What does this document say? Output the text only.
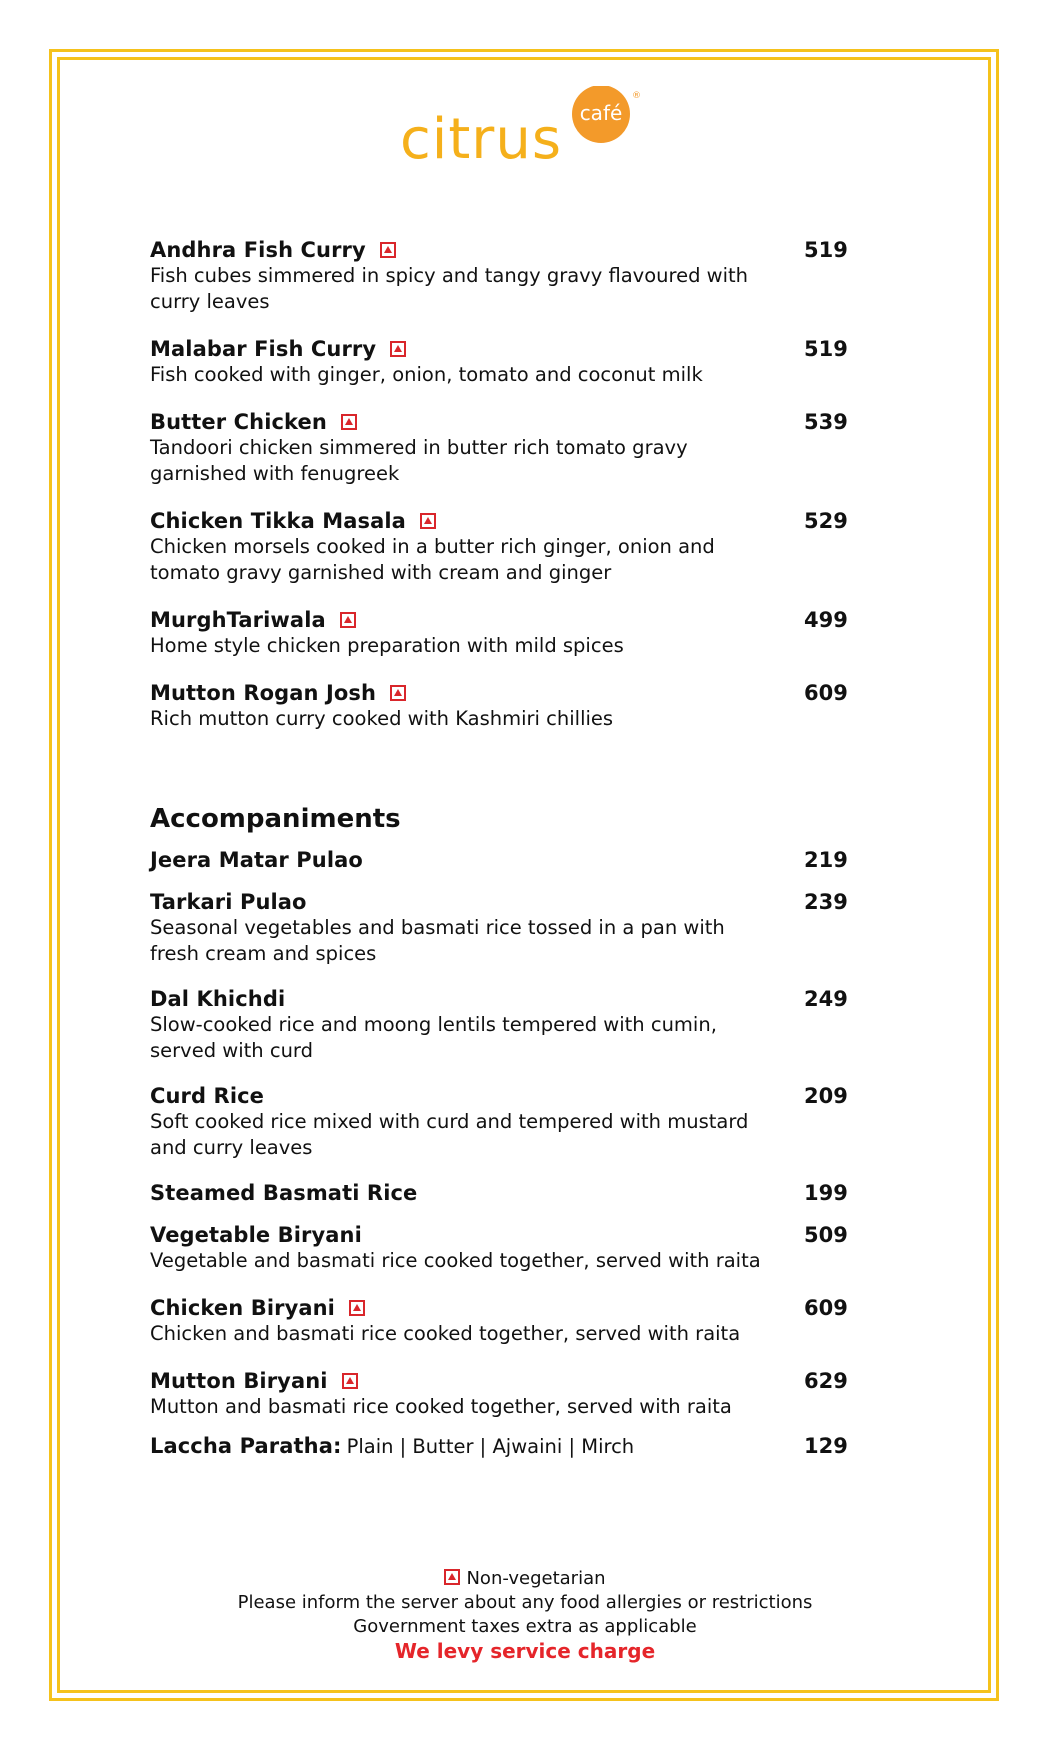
café
®
citrus
Andhra Fish Curry	519
Fish cubes simmered in spicy and tangy gravy flavoured with curry leaves
Malabar Fish Curry	519
Fish cooked with ginger, onion, tomato and coconut milk
Butter Chicken	539
Tandoori chicken simmered in butter rich tomato gravy garnished with fenugreek
Chicken Tikka Masala	529
Chicken morsels cooked in a butter rich ginger, onion and tomato gravy garnished with cream and ginger
MurghTariwala	499
Home style chicken preparation with mild spices
Mutton Rogan Josh	609
Rich mutton curry cooked with Kashmiri chillies
Accompaniments
Jeera Matar Pulao	219
Tarkari Pulao	239
Seasonal vegetables and basmati rice tossed in a pan with fresh cream and spices
Dal Khichdi	249
Slow-cooked rice and moong lentils tempered with cumin, served with curd
Curd Rice	209
Soft cooked rice mixed with curd and tempered with mustard and curry leaves
Steamed Basmati Rice	199
Vegetable Biryani	509
Vegetable and basmati rice cooked together, served with raita
Chicken Biryani	609
Chicken and basmati rice cooked together, served with raita
Mutton Biryani	629
Mutton and basmati rice cooked together, served with raita
Laccha Paratha: Plain | Butter | Ajwaini | Mirch	129
Non-vegetarian
Please inform the server about any food allergies or restrictions
Government taxes extra as applicable
We levy service charge
